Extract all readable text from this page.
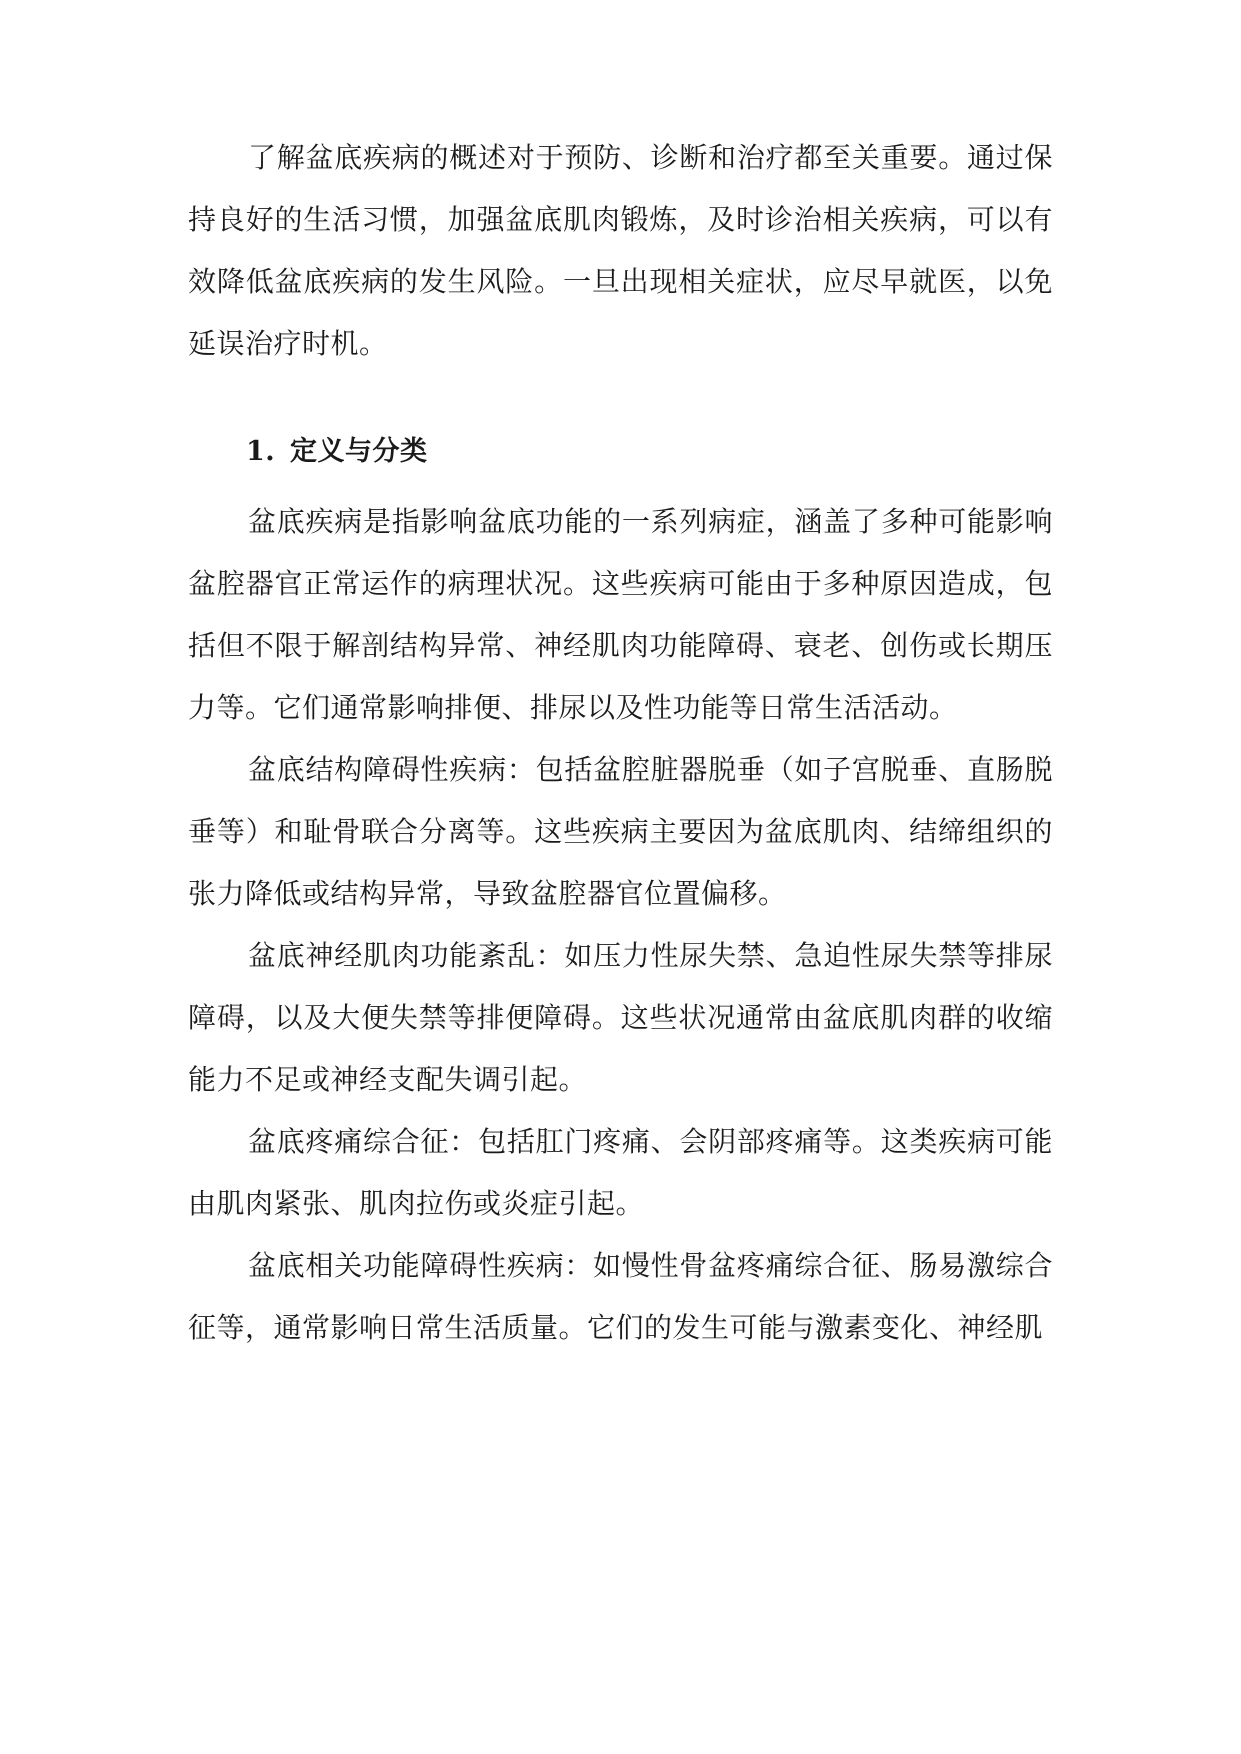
了解盆底疾病的概述对于预防、诊断和治疗都至关重要。通过保持良好的生活习惯，加强盆底肌肉锻炼，及时诊治相关疾病，可以有效降低盆底疾病的发生风险。一旦出现相关症状，应尽早就医，以免延误治疗时机。

1. 定义与分类

盆底疾病是指影响盆底功能的一系列病症，涵盖了多种可能影响盆腔器官正常运作的病理状况。这些疾病可能由于多种原因造成，包括但不限于解剖结构异常、神经肌肉功能障碍、衰老、创伤或长期压力等。它们通常影响排便、排尿以及性功能等日常生活活动。

盆底结构障碍性疾病：包括盆腔脏器脱垂（如子宫脱垂、直肠脱垂等）和耻骨联合分离等。这些疾病主要因为盆底肌肉、结缔组织的张力降低或结构异常，导致盆腔器官位置偏移。

盆底神经肌肉功能紊乱：如压力性尿失禁、急迫性尿失禁等排尿障碍，以及大便失禁等排便障碍。这些状况通常由盆底肌肉群的收缩能力不足或神经支配失调引起。

盆底疼痛综合征：包括肛门疼痛、会阴部疼痛等。这类疾病可能由肌肉紧张、肌肉拉伤或炎症引起。

盆底相关功能障碍性疾病：如慢性骨盆疼痛综合征、肠易激综合征等，通常影响日常生活质量。它们的发生可能与激素变化、神经肌
